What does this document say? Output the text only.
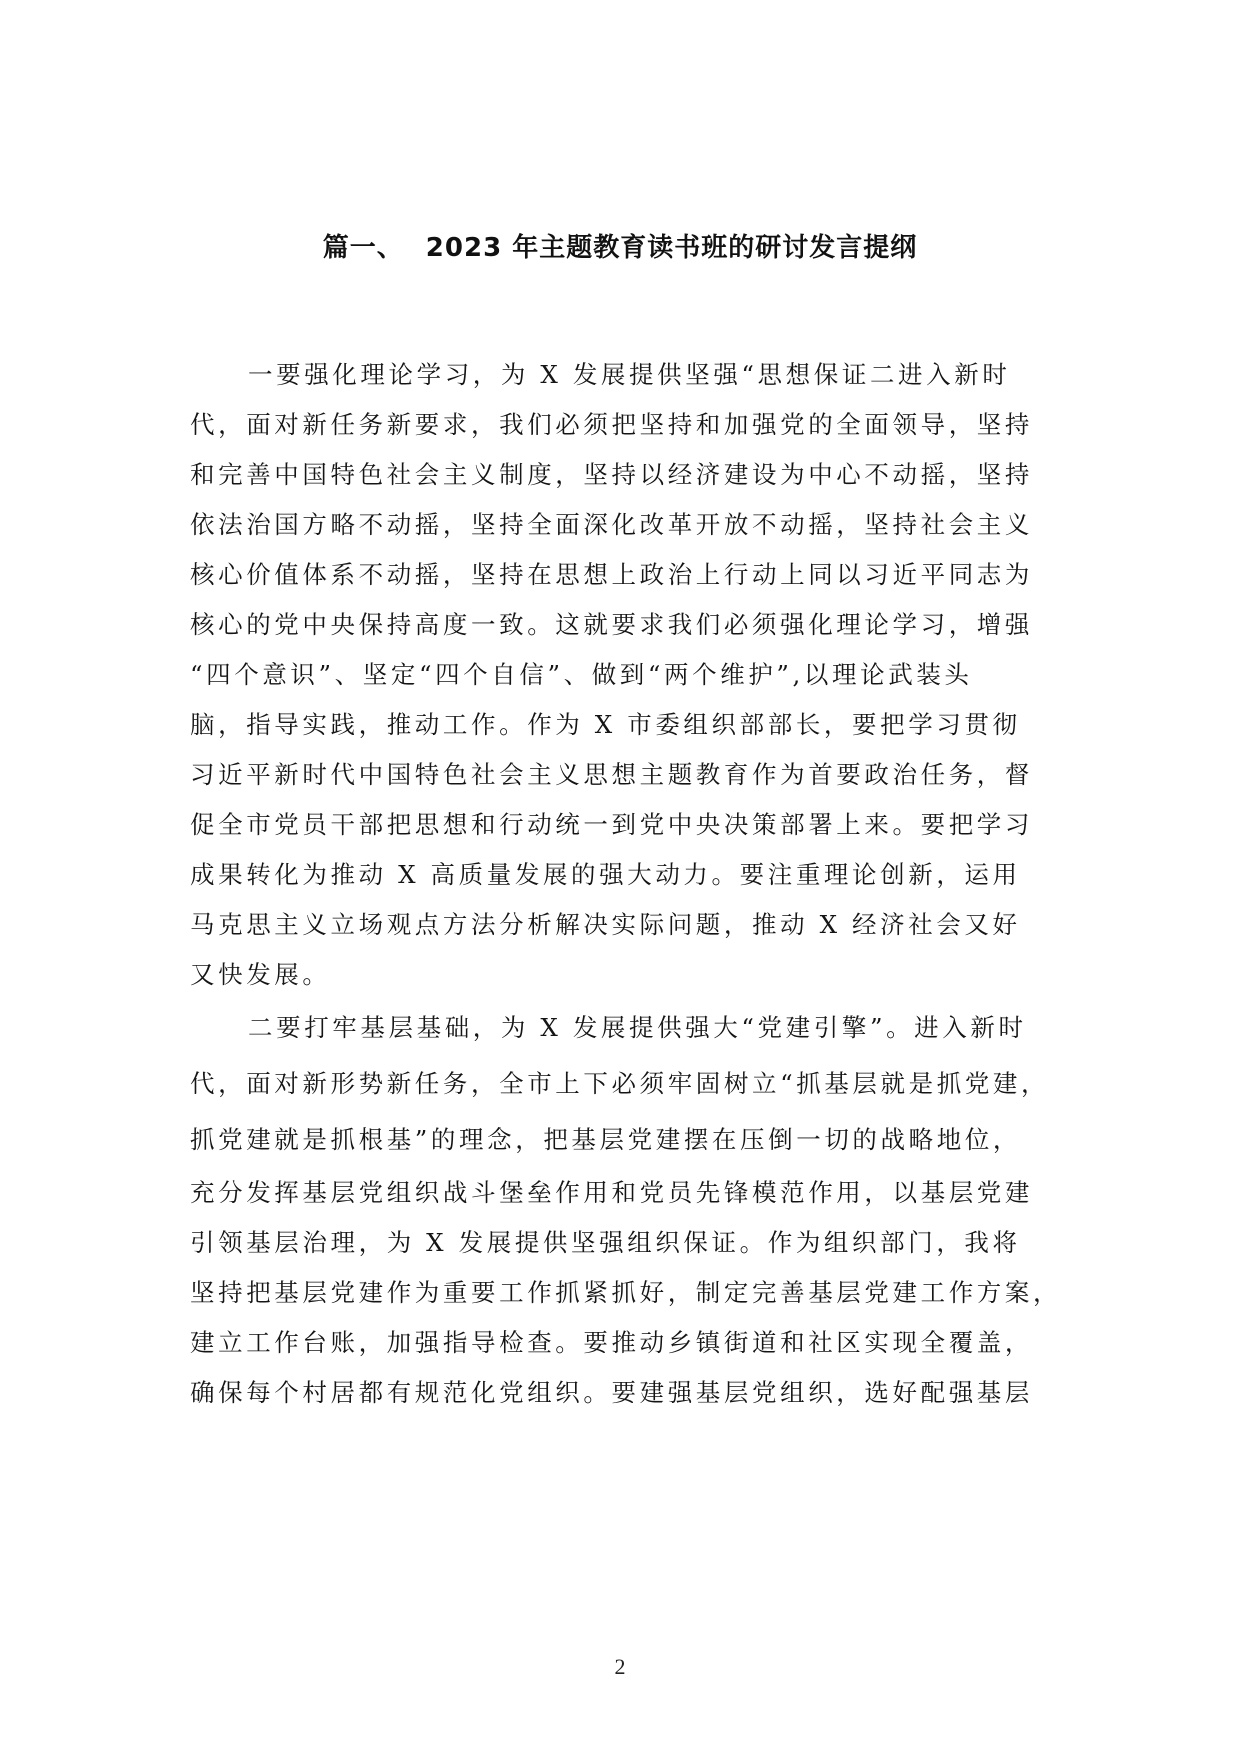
篇一、 2023 年主题教育读书班的研讨发言提纲
一要强化理论学习，为 X 发展提供坚强“思想保证二进入新时
代，面对新任务新要求，我们必须把坚持和加强党的全面领导，坚持
和完善中国特色社会主义制度，坚持以经济建设为中心不动摇，坚持
依法治国方略不动摇，坚持全面深化改革开放不动摇，坚持社会主义
核心价值体系不动摇，坚持在思想上政治上行动上同以习近平同志为
核心的党中央保持高度一致。这就要求我们必须强化理论学习，增强
“四个意识”、坚定“四个自信”、做到“两个维护”,以理论武装头
脑，指导实践，推动工作。作为 X 市委组织部部长，要把学习贯彻
习近平新时代中国特色社会主义思想主题教育作为首要政治任务，督
促全市党员干部把思想和行动统一到党中央决策部署上来。要把学习
成果转化为推动 X 高质量发展的强大动力。要注重理论创新，运用
马克思主义立场观点方法分析解决实际问题，推动 X 经济社会又好
又快发展。
二要打牢基层基础，为 X 发展提供强大“党建引擎”。进入新时
代，面对新形势新任务，全市上下必须牢固树立“抓基层就是抓党建，
抓党建就是抓根基”的理念，把基层党建摆在压倒一切的战略地位，
充分发挥基层党组织战斗堡垒作用和党员先锋模范作用，以基层党建
引领基层治理，为 X 发展提供坚强组织保证。作为组织部门，我将
坚持把基层党建作为重要工作抓紧抓好，制定完善基层党建工作方案，
建立工作台账，加强指导检查。要推动乡镇街道和社区实现全覆盖，
确保每个村居都有规范化党组织。要建强基层党组织，选好配强基层
2
